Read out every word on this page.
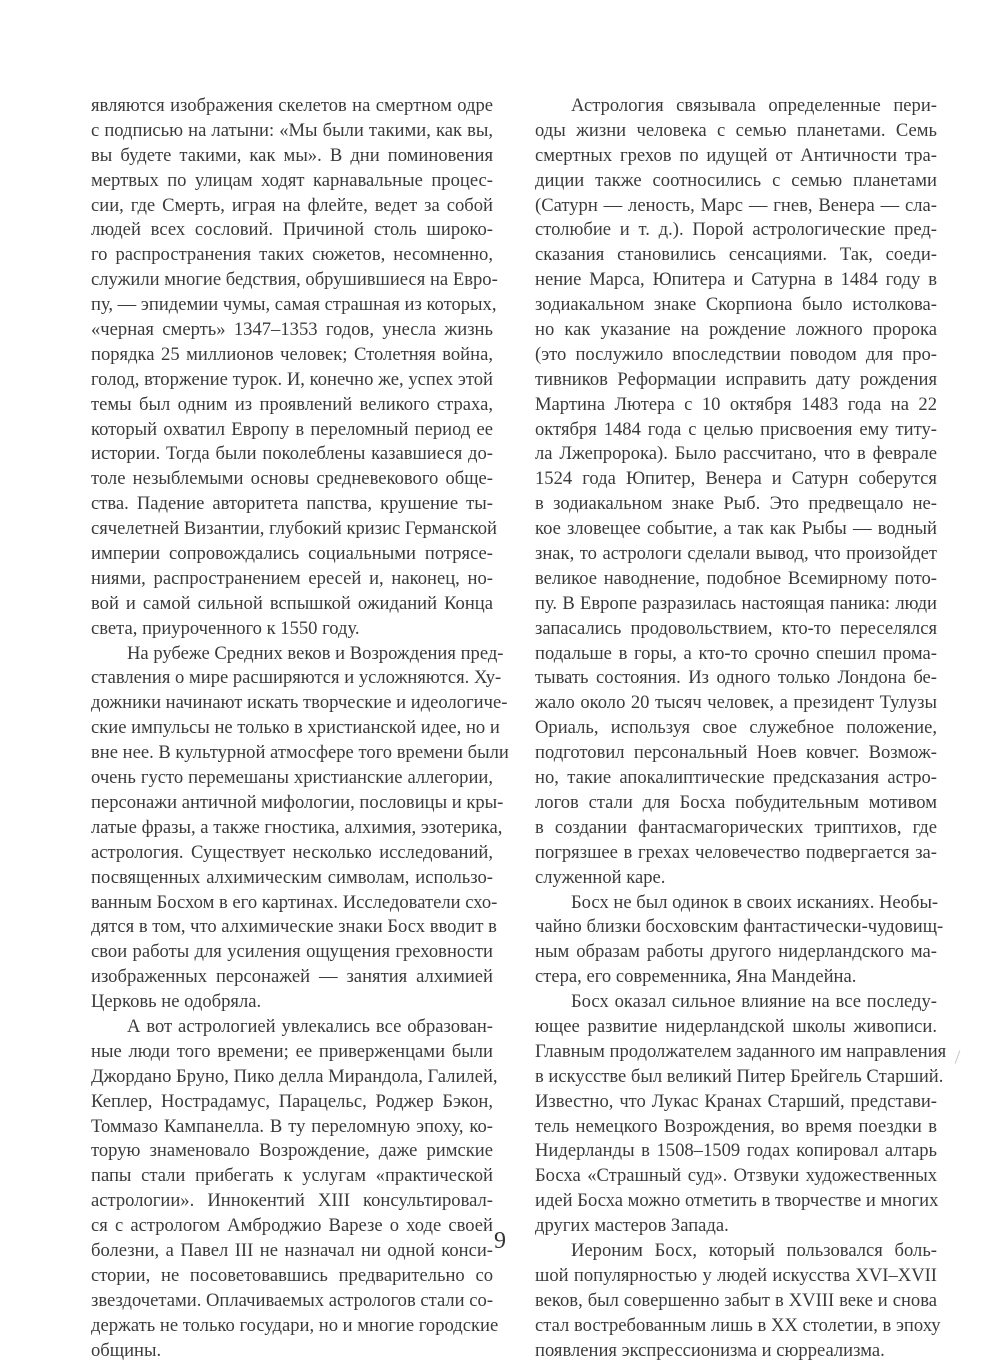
являются изображения скелетов на смертном одре
с подписью на латыни: «Мы были такими, как вы,
вы будете такими, как мы». В дни поминовения
мертвых по улицам ходят карнавальные процес-
сии, где Смерть, играя на флейте, ведет за собой
людей всех сословий. Причиной столь широко-
го распространения таких сюжетов, несомненно,
служили многие бедствия, обрушившиеся на Евро-
пу, — эпидемии чумы, самая страшная из которых,
«черная смерть» 1347–1353 годов, унесла жизнь
порядка 25 миллионов человек; Столетняя война,
голод, вторжение турок. И, конечно же, успех этой
темы был одним из проявлений великого страха,
который охватил Европу в переломный период ее
истории. Тогда были поколеблены казавшиеся до-
толе незыблемыми основы средневекового обще-
ства. Падение авторитета папства, крушение ты-
сячелетней Византии, глубокий кризис Германской
империи сопровождались социальными потрясе-
ниями, распространением ересей и, наконец, но-
вой и самой сильной вспышкой ожиданий Конца
света, приуроченного к 1550 году.
На рубеже Средних веков и Возрождения пред-
ставления о мире расширяются и усложняются. Ху-
дожники начинают искать творческие и идеологиче-
ские импульсы не только в христианской идее, но и
вне нее. В культурной атмосфере того времени были
очень густо перемешаны христианские аллегории,
персонажи античной мифологии, пословицы и кры-
латые фразы, а также гностика, алхимия, эзотерика,
астрология. Существует несколько исследований,
посвященных алхимическим символам, использо-
ванным Босхом в его картинах. Исследователи схо-
дятся в том, что алхимические знаки Босх вводит в
свои работы для усиления ощущения греховности
изображенных персонажей — занятия алхимией
Церковь не одобряла.
А вот астрологией увлекались все образован-
ные люди того времени; ее приверженцами были
Джордано Бруно, Пико делла Мирандола, Галилей,
Кеплер, Нострадамус, Парацельс, Роджер Бэкон,
Томмазо Кампанелла. В ту переломную эпоху, ко-
торую знаменовало Возрождение, даже римские
папы стали прибегать к услугам «практической
астрологии». Иннокентий XIII консультировал-
ся с астрологом Амброджио Варезе о ходе своей
болезни, а Павел III не назначал ни одной конси-
стории, не посоветовавшись предварительно со
звездочетами. Оплачиваемых астрологов стали со-
держать не только государи, но и многие городские
общины.
Астрология связывала определенные пери-
оды жизни человека с семью планетами. Семь
смертных грехов по идущей от Античности тра-
диции также соотносились с семью планетами
(Сатурн — леность, Марс — гнев, Венера — сла-
столюбие и т. д.). Порой астрологические пред-
сказания становились сенсациями. Так, соеди-
нение Марса, Юпитера и Сатурна в 1484 году в
зодиакальном знаке Скорпиона было истолкова-
но как указание на рождение ложного пророка
(это послужило впоследствии поводом для про-
тивников Реформации исправить дату рождения
Мартина Лютера с 10 октября 1483 года на 22
октября 1484 года с целью присвоения ему титу-
ла Лжепророка). Было рассчитано, что в феврале
1524 года Юпитер, Венера и Сатурн соберутся
в зодиакальном знаке Рыб. Это предвещало не-
кое зловещее событие, а так как Рыбы — водный
знак, то астрологи сделали вывод, что произойдет
великое наводнение, подобное Всемирному пото-
пу. В Европе разразилась настоящая паника: люди
запасались продовольствием, кто-то переселялся
подальше в горы, а кто-то срочно спешил прома-
тывать состояния. Из одного только Лондона бе-
жало около 20 тысяч человек, а президент Тулузы
Ориаль, используя свое служебное положение,
подготовил персональный Ноев ковчег. Возмож-
но, такие апокалиптические предсказания астро-
логов стали для Босха побудительным мотивом
в создании фантасмагорических триптихов, где
погрязшее в грехах человечество подвергается за-
служенной каре.
Босх не был одинок в своих исканиях. Необы-
чайно близки босховским фантастически-чудовищ-
ным образам работы другого нидерландского ма-
стера, его современника, Яна Мандейна.
Босх оказал сильное влияние на все последу-
ющее развитие нидерландской школы живописи.
Главным продолжателем заданного им направления
в искусстве был великий Питер Брейгель Старший.
Известно, что Лукас Кранах Старший, представи-
тель немецкого Возрождения, во время поездки в
Нидерланды в 1508–1509 годах копировал алтарь
Босха «Страшный суд». Отзвуки художественных
идей Босха можно отметить в творчестве и многих
других мастеров Запада.
Иероним Босх, который пользовался боль-
шой популярностью у людей искусства XVI–XVII
веков, был совершенно забыт в XVIII веке и снова
стал востребованным лишь в XX столетии, в эпоху
появления экспрессионизма и сюрреализма.
9
